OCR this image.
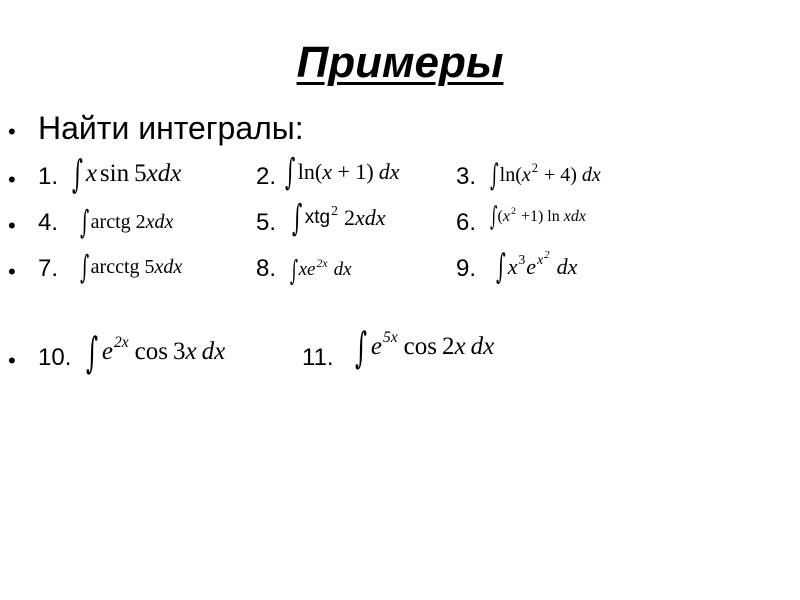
Примеры
• Найти интегралы:
• 1. ∫ x sin 5 xdx	2. ∫ ln( x + 1) dx 3. ∫ ln( $x^2 + 4$) dx
• 4. ∫ arctg 2 xdx	5. ∫ xtg$^2$ 2 xdx	6. ∫ ( $x^2 +1$) ln xdx
• 7. ∫ arcctg 5 xdx	8. ∫ $xe^{2x}$ dx	9. ∫ $x^3$ e $^{x^2}$ dx
• 10. ∫ $e^{2x}$ cos 3 x dx	11. ∫ $e^{5x}$ cos 2 x dx
